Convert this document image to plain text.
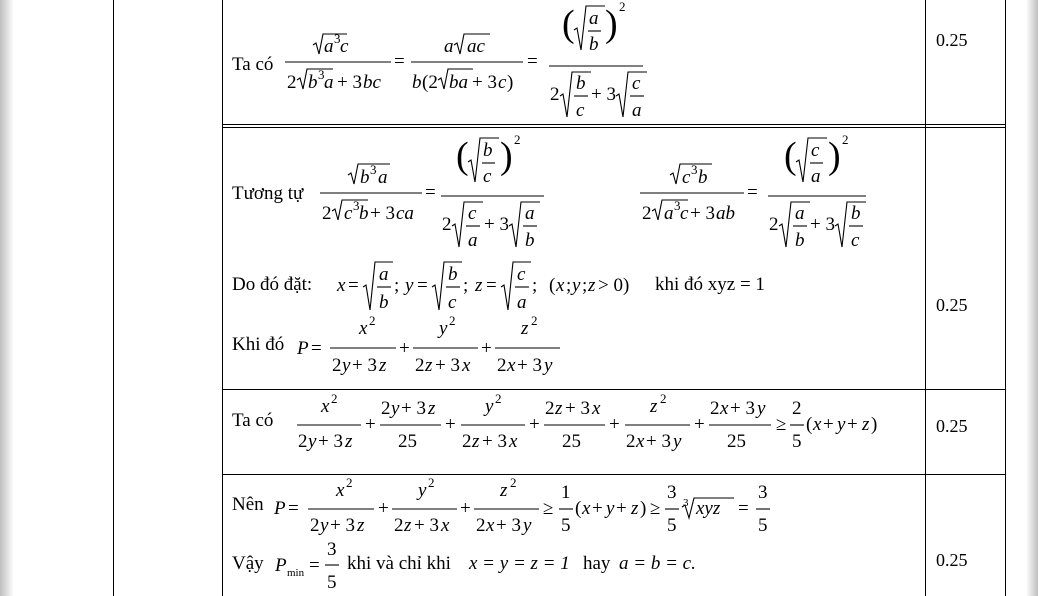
0.25
0.25
0.25
0.25
Ta có
a 3 c
2 b 3 a + 3 bc
=
a ac
b (2 ba + 3 c )
=
( a
b ) 2
2
b
c
+ 3
c
a
Tương tự
b 3 a
2 c 3 b + 3 ca
=
( b
c ) 2
2
c
a
+ 3
a
b
c 3 b
2 a 3 c + 3 ab
=
( c
a ) 2
2
a
b
+ 3
b
c
Do đó đặt: x =
a
b
; y =
b
c
; z =
c
a
; ( x ; y ; z > 0) khi đó xyz = 1
Khi đó P =
x 2
2 y + 3 z
+
y 2
2 z + 3 x
+
z 2
2 x + 3 y
Ta có
x 2
2 y + 3 z
+
2 y + 3 z
25
+
y 2
2 z + 3 x
+
2 z + 3 x
25
+
z 2
2 x + 3 y
+
2 x + 3 y
25
≥
2
5
( x + y + z )
Nên P =
x 2
2 y + 3 z
+
y 2
2 z + 3 x
+
z 2
2 x + 3 y
≥
1
5
( x + y + z ) ≥
3
5
3 xyz =
3
5
Vậy P min =
3
5
khi và chỉ khi x = y = z = 1 hay a = b = c.
